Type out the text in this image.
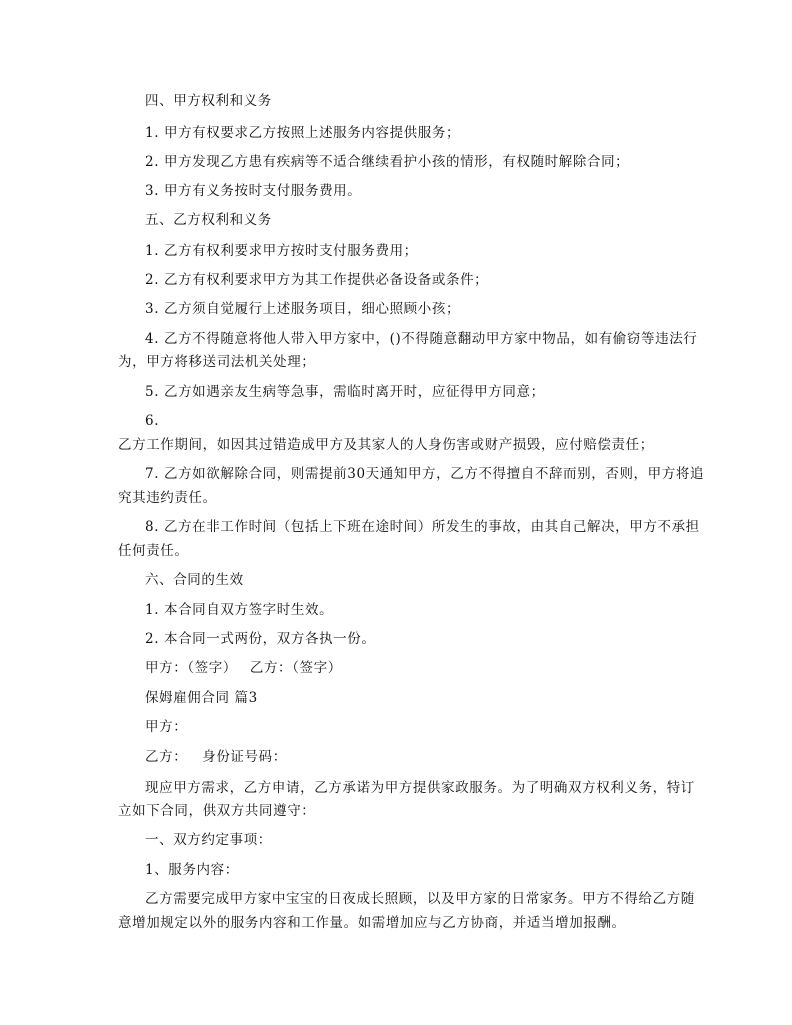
四、甲方权利和义务
1. 甲方有权要求乙方按照上述服务内容提供服务；
2. 甲方发现乙方患有疾病等不适合继续看护小孩的情形，有权随时解除合同；
3. 甲方有义务按时支付服务费用。
五、乙方权利和义务
1. 乙方有权利要求甲方按时支付服务费用；
2. 乙方有权利要求甲方为其工作提供必备设备或条件；
3. 乙方须自觉履行上述服务项目，细心照顾小孩；
4. 乙方不得随意将他人带入甲方家中，()不得随意翻动甲方家中物品，如有偷窃等违法行
为，甲方将移送司法机关处理；
5. 乙方如遇亲友生病等急事，需临时离开时，应征得甲方同意；
6.
乙方工作期间，如因其过错造成甲方及其家人的人身伤害或财产损毁，应付赔偿责任；
7. 乙方如欲解除合同，则需提前30天通知甲方，乙方不得擅自不辞而别，否则，甲方将追
究其违约责任。
8. 乙方在非工作时间（包括上下班在途时间）所发生的事故，由其自己解决，甲方不承担
任何责任。
六、合同的生效
1. 本合同自双方签字时生效。
2. 本合同一式两份，双方各执一份。
甲方：（签字） 乙方：（签字）
保姆雇佣合同 篇3
甲方：
乙方： 身份证号码：
现应甲方需求，乙方申请，乙方承诺为甲方提供家政服务。为了明确双方权利义务，特订
立如下合同，供双方共同遵守：
一、双方约定事项：
1、服务内容：
乙方需要完成甲方家中宝宝的日夜成长照顾，以及甲方家的日常家务。甲方不得给乙方随
意增加规定以外的服务内容和工作量。如需增加应与乙方协商，并适当增加报酬。
